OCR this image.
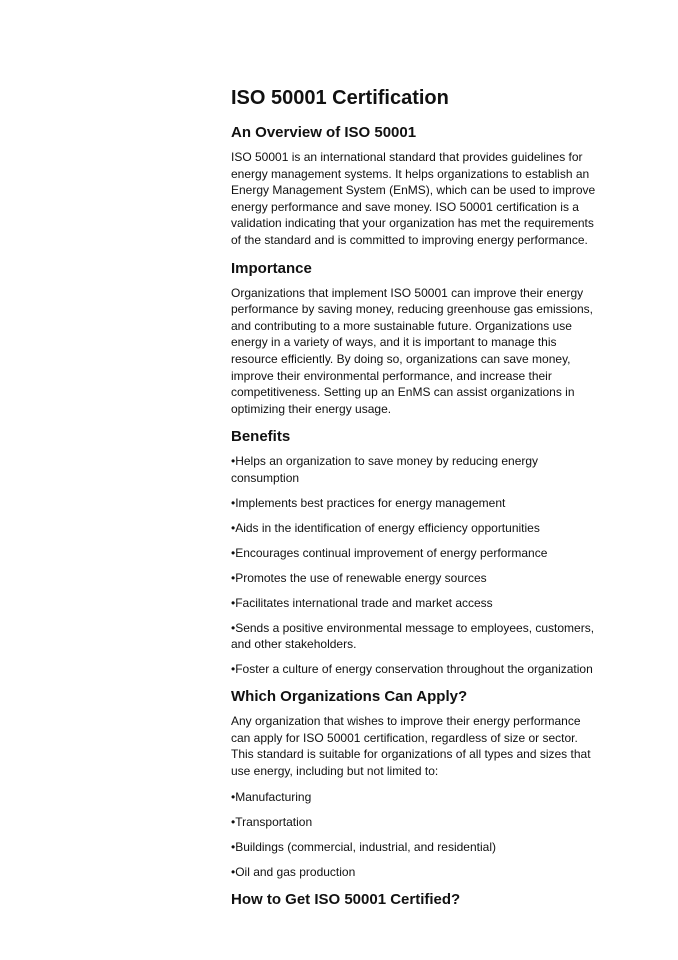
ISO 50001 Certification
An Overview of ISO 50001

ISO 50001 is an international standard that provides guidelines for energy management systems. It helps organizations to establish an Energy Management System (EnMS), which can be used to improve energy performance and save money. ISO 50001 certification is a validation indicating that your organization has met the requirements of the standard and is committed to improving energy performance.

Importance

Organizations that implement ISO 50001 can improve their energy performance by saving money, reducing greenhouse gas emissions, and contributing to a more sustainable future. Organizations use energy in a variety of ways, and it is important to manage this resource efficiently. By doing so, organizations can save money, improve their environmental performance, and increase their competitiveness. Setting up an EnMS can assist organizations in optimizing their energy usage.

Benefits
• Helps an organization to save money by reducing energy consumption
• Implements best practices for energy management
• Aids in the identification of energy efficiency opportunities
• Encourages continual improvement of energy performance
• Promotes the use of renewable energy sources
• Facilitates international trade and market access
• Sends a positive environmental message to employees, customers, and other stakeholders.
• Foster a culture of energy conservation throughout the organization
Which Organizations Can Apply?

Any organization that wishes to improve their energy performance can apply for ISO 50001 certification, regardless of size or sector. This standard is suitable for organizations of all types and sizes that use energy, including but not limited to:

• Manufacturing
• Transportation
• Buildings (commercial, industrial, and residential)
• Oil and gas production
How to Get ISO 50001 Certified?
